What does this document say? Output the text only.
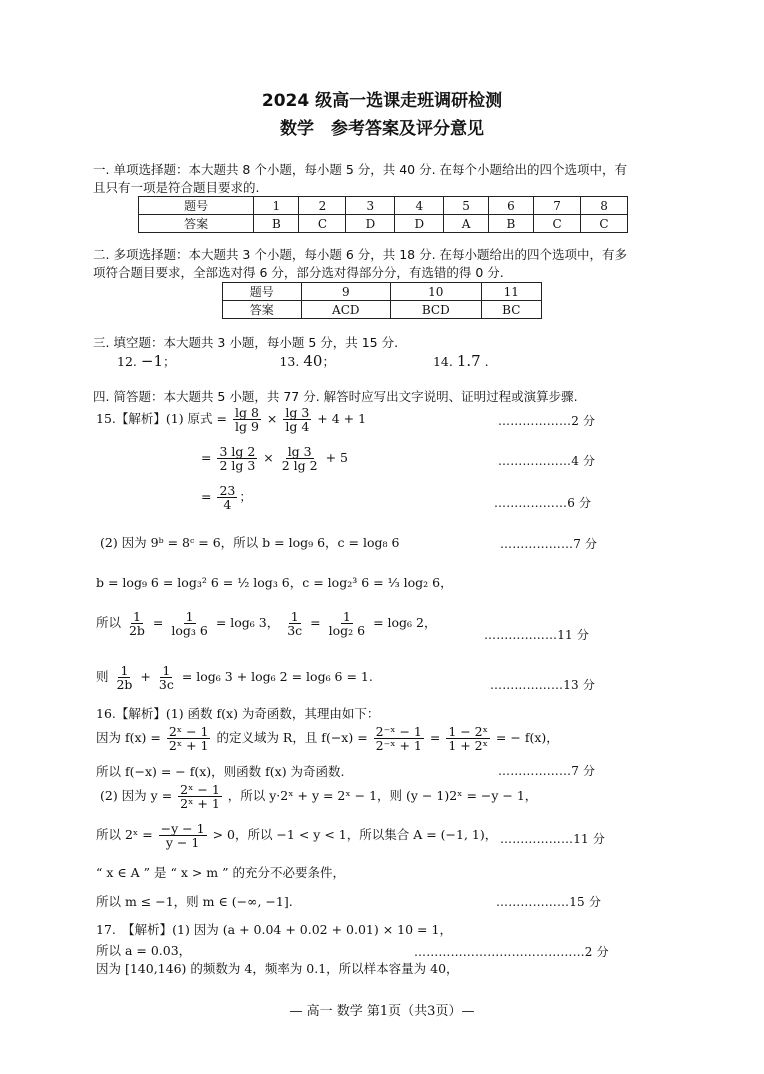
2024 级高一选课走班调研检测
数学　参考答案及评分意见
一. 单项选择题：本大题共 8 个小题，每小题 5 分，共 40 分. 在每个小题给出的四个选项中，有
且只有一项是符合题目要求的.
题号	1	2	3	4	5	6	7	8
答案	B	C	D	D	A	B	C	C
二. 多项选择题：本大题共 3 个小题，每小题 6 分，共 18 分. 在每小题给出的四个选项中，有多
项符合题目要求，全部选对得 6 分，部分选对得部分分，有选错的得 0 分.
题号	9	10	11
答案	ACD	BCD	BC
三. 填空题：本大题共 3 小题，每小题 5 分，共 15 分.
12. −1；	13. 40；	14. 1.7 .
四. 简答题：本大题共 5 小题，共 77 分. 解答时应写出文字说明、证明过程或演算步骤.
15.【解析】(1) 原式 = $\frac{\lg 8}{\lg 9} \times \frac{\lg 3}{\lg 4} + 4 + 1$	………………2 分
= $\frac{3 \lg 2}{2 \lg 3} \times \frac{\lg 3}{2 \lg 2} + 5$	………………4 分
= $\frac{23}{4}$ ；	………………6 分
(2) 因为 9ᵇ = 8ᶜ = 6，所以 b = log₉ 6，c = log₈ 6	………………7 分
b = log₉ 6 = log₃² 6 = ½ log₃ 6，c = log₂³ 6 = ⅓ log₂ 6，
所以 $\frac{1}{2b} = \frac{1}{\text{log₃ 6}} = \log_6$ 3， $\frac{1}{3c} = \frac{1}{\text{log₂ 6}} = \log_6$ 2，
………………11 分
则 $\frac{1}{2b} + \frac{1}{3c} = \log_6$ 3 + log₆ 2 = log₆ 6 = 1.
………………13 分
16.【解析】(1) 函数 f(x) 为奇函数，其理由如下：
因为 $f(x) = \frac{\text{2ˣ − 1}}{\text{2ˣ + 1}}$ 的定义域为 R，且 $f(-x) = \frac{\text{2⁻ˣ − 1}}{\text{2⁻ˣ + 1}} = \frac{\text{1 − 2ˣ}}{\text{1 + 2ˣ}}$ = − f(x)，
所以 f(−x) = − f(x)，则函数 f(x) 为奇函数.	………………7 分
(2) 因为 $y = \frac{\text{2ˣ − 1}}{\text{2ˣ + 1}}$ ，所以 y·2ˣ + y = 2ˣ − 1，则 (y − 1)2ˣ = −y − 1，
所以 2ˣ = $\frac{-y - 1}{y - 1} > 0$，所以 −1 < y < 1，所以集合 A = (−1, 1)， ………………11 分
“ x ∈ A ” 是 “ x > m ” 的充分不必要条件，
所以 m ≤ −1，则 m ∈ (−∞, −1].	………………15 分
17.　【解析】(1) 因为 (a + 0.04 + 0.02 + 0.01) × 10 = 1，
所以 a = 0.03，	……………………………………2 分
因为 [140,146) 的频数为 4，频率为 0.1，所以样本容量为 40，
— 高一 数学 第1页（共3页）—
